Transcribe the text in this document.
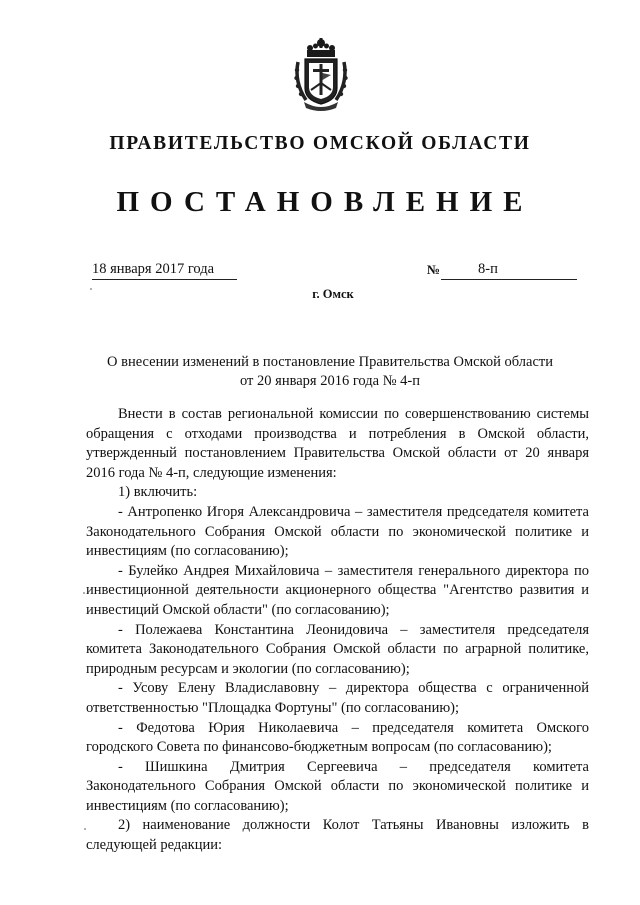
ПРАВИТЕЛЬСТВО ОМСКОЙ ОБЛАСТИ
ПОСТАНОВЛЕНИЕ
18 января 2017 года	№	8-п
г. Омск
О внесении изменений в постановление Правительства Омской области
от 20 января 2016 года № 4-п

Внести в состав региональной комиссии по совершенствованию системы обращения с отходами производства и потребления в Омской области, утвержденный постановлением Правительства Омской области от 20 января 2016 года № 4-п, следующие изменения:

1) включить:

- Антропенко Игоря Александровича – заместителя председателя комитета Законодательного Собрания Омской области по экономической политике и инвестициям (по согласованию);

- Булейко Андрея Михайловича – заместителя генерального директора по инвестиционной деятельности акционерного общества "Агентство развития и инвестиций Омской области" (по согласованию);

- Полежаева Константина Леонидовича – заместителя председателя комитета Законодательного Собрания Омской области по аграрной политике, природным ресурсам и экологии (по согласованию);

- Усову Елену Владиславовну – директора общества с ограниченной ответственностью "Площадка Фортуны" (по согласованию);

- Федотова Юрия Николаевича – председателя комитета Омского городского Совета по финансово-бюджетным вопросам (по согласованию);

- Шишкина Дмитрия Сергеевича – председателя комитета Законодательного Собрания Омской области по экономической политике и инвестициям (по согласованию);

2) наименование должности Колот Татьяны Ивановны изложить в следующей редакции:
